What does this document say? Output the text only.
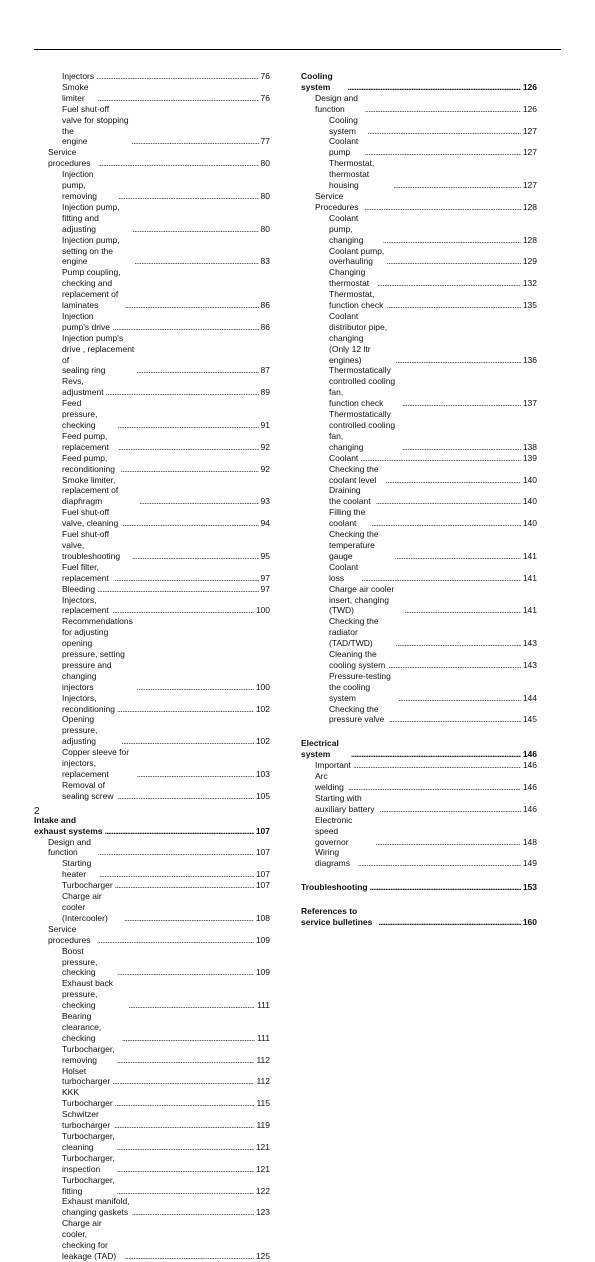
Injectors . . .	76
Smoke limiter . . .	76
Fuel shut-off valve for stopping the
engine . . .	77
Service procedures . . .	80
Injection pump, removing . . .	80
Injection pump, fitting and adjusting . . .	80
Injection pump, setting on the engine . . .	83
Pump coupling, checking and
replacement of laminates . . .	86
Injection pump's drive . . .	86
Injection pump's drive , replacement of
sealing ring . . .	87
Revs, adjustment . . .	89
Feed pressure, checking . . .	91
Feed pump, replacement . . .	92
Feed pump, reconditioning . . .	92
Smoke limiter, replacement of diaphragm . . .	93
Fuel shut-off valve, cleaning . . .	94
Fuel shut-off valve, troubleshooting . . .	95
Fuel filter, replacement . . .	97
Bleeding . . .	97
Injectors, replacement . . .	100
Recommendations for adjusting opening
pressure, setting pressure and changing
injectors . . .	100
Injectors, reconditioning . . .	102
Opening pressure, adjusting . . .	102
Copper sleeve for injectors, replacement . . .	103
Removal of sealing screw . . .	105
Intake and exhaust systems . . .	107
Design and function . . .	107
Starting heater . . .	107
Turbocharger . . .	107
Charge air cooler (Intercooler) . . .	108
Service procedures . . .	109
Boost pressure, checking . . .	109
Exhaust back pressure, checking . . .	111
Bearing clearance, checking . . .	111
Turbocharger, removing . . .	112
Holset turbocharger . . .	112
KKK Turbocharger . . .	115
Schwitzer turbocharger . . .	119
Turbocharger, cleaning . . .	121
Turbocharger, inspection . . .	121
Turbocharger, fitting . . .	122
Exhaust manifold, changing gaskets . . .	123
Charge air cooler, checking for
leakage (TAD) . . .	125
Cooling system . . .	126
Design and function . . .	126
Cooling system . . .	127
Coolant pump . . .	127
Thermostat, thermostat housing . . .	127
Service Procedures . . .	128
Coolant pump, changing . . .	128
Coolant pump, overhauling . . .	129
Changing thermostat . . .	132
Thermostat, function check . . .	135
Coolant distributor pipe, changing
(Only 12 ltr engines) . . .	136
Thermostatically controlled cooling fan,
function check . . .	137
Thermostatically controlled cooling fan,
changing . . .	138
Coolant . . .	139
Checking the coolant level . . .	140
Draining the coolant . . .	140
Filling the coolant . . .	140
Checking the temperature gauge . . .	141
Coolant loss . . .	141
Charge air cooler insert, changing (TWD) . . .	141
Checking the radiator (TAD/TWD) . . .	143
Cleaning the cooling system . . .	143
Pressure-testing the cooling system . . .	144
Checking the pressure valve . . .	145
Electrical system . . .	146
Important . . .	146
Arc welding . . .	146
Starting with auxiliary battery . . .	146
Electronic speed governor . . .	148
Wiring diagrams . . .	149
Troubleshooting . . .	153
References to service bulletines . . .	160
2
